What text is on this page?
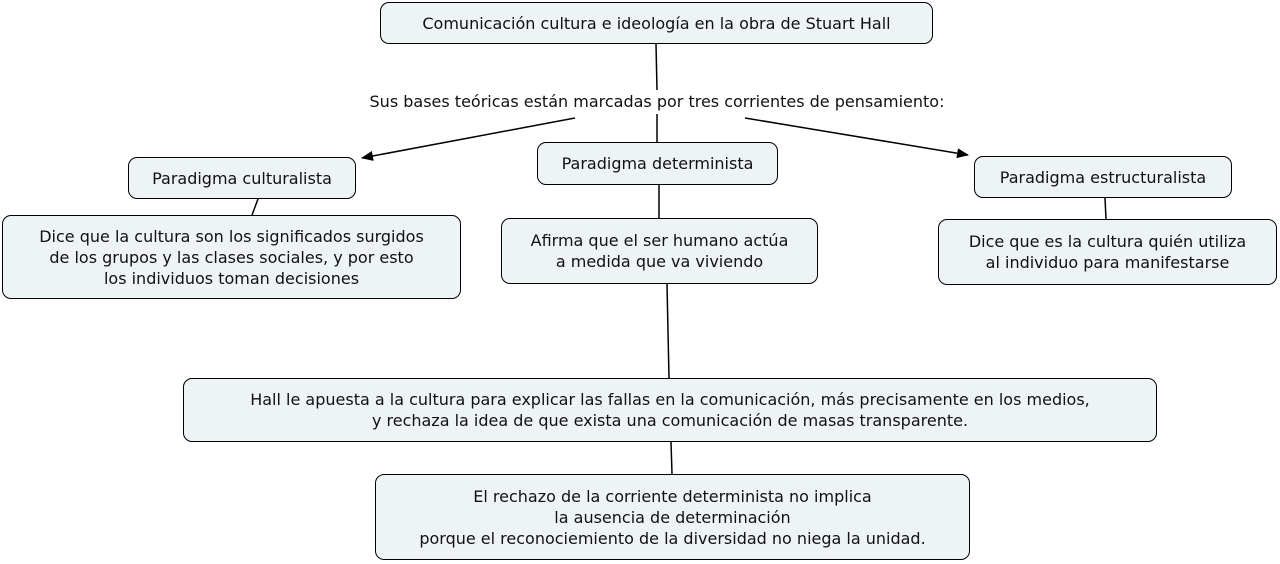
Comunicación cultura e ideología en la obra de Stuart Hall
Sus bases teóricas están marcadas por tres corrientes de pensamiento:
Paradigma culturalista
Paradigma determinista
Paradigma estructuralista
Dice que la cultura son los significados surgidos
de los grupos y las clases sociales, y por esto
los individuos toman decisiones
Afirma que el ser humano actúa
a medida que va viviendo
Dice que es la cultura quién utiliza
al individuo para manifestarse
Hall le apuesta a la cultura para explicar las fallas en la comunicación, más precisamente en los medios,
y rechaza la idea de que exista una comunicación de masas transparente.
El rechazo de la corriente determinista no implica
la ausencia de determinación
porque el reconociemiento de la diversidad no niega la unidad.
